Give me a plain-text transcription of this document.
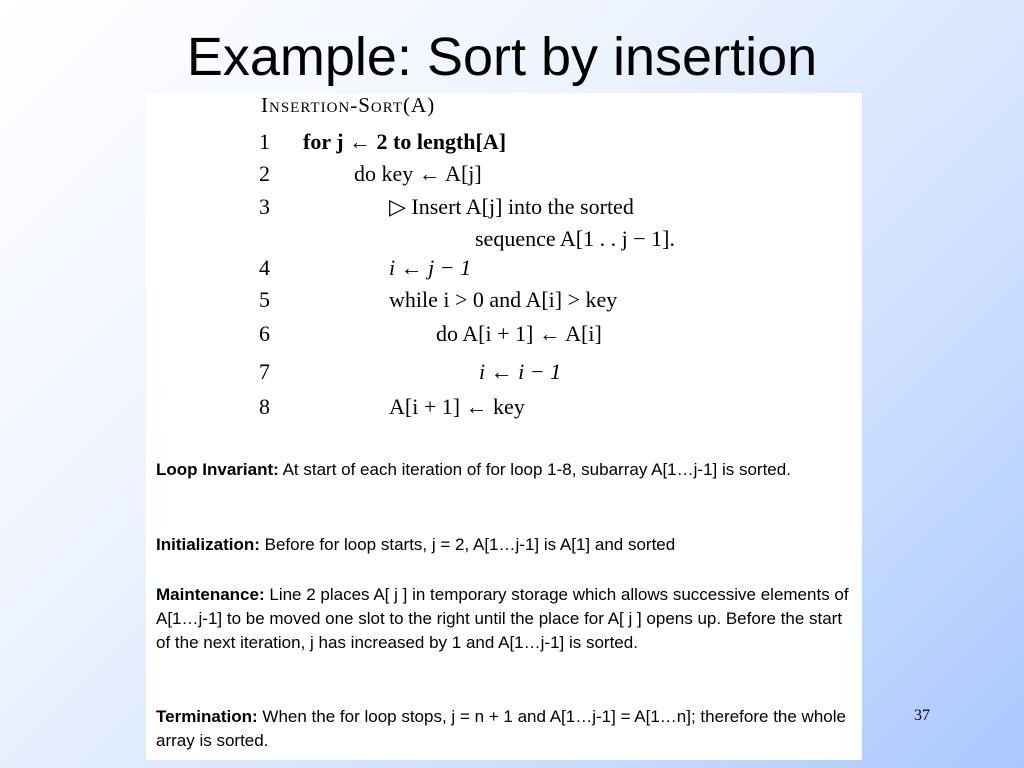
Example: Sort by insertion
Insertion-Sort(A)
1 for j ← 2 to length[A]
2	do key ← A[j]
3	▷ Insert A[j] into the sorted
sequence A[1 . . j − 1].
4	i ← j − 1
5	while i > 0 and A[i] > key
6	do A[i + 1] ← A[i]
7	i ← i − 1
8	A[i + 1] ← key
Loop Invariant: At start of each iteration of for loop 1-8, subarray A[1…j-1] is sorted.
Initialization: Before for loop starts, j = 2, A[1…j-1] is A[1] and sorted
Maintenance: Line 2 places A[ j ] in temporary storage which allows successive elements of A[1…j-1] to be moved one slot to the right until the place for A[ j ] opens up. Before the start of the next iteration, j has increased by 1 and A[1…j-1] is sorted.
Termination: When the for loop stops, j = n + 1 and A[1…j-1] = A[1…n]; therefore the whole array is sorted.
37
